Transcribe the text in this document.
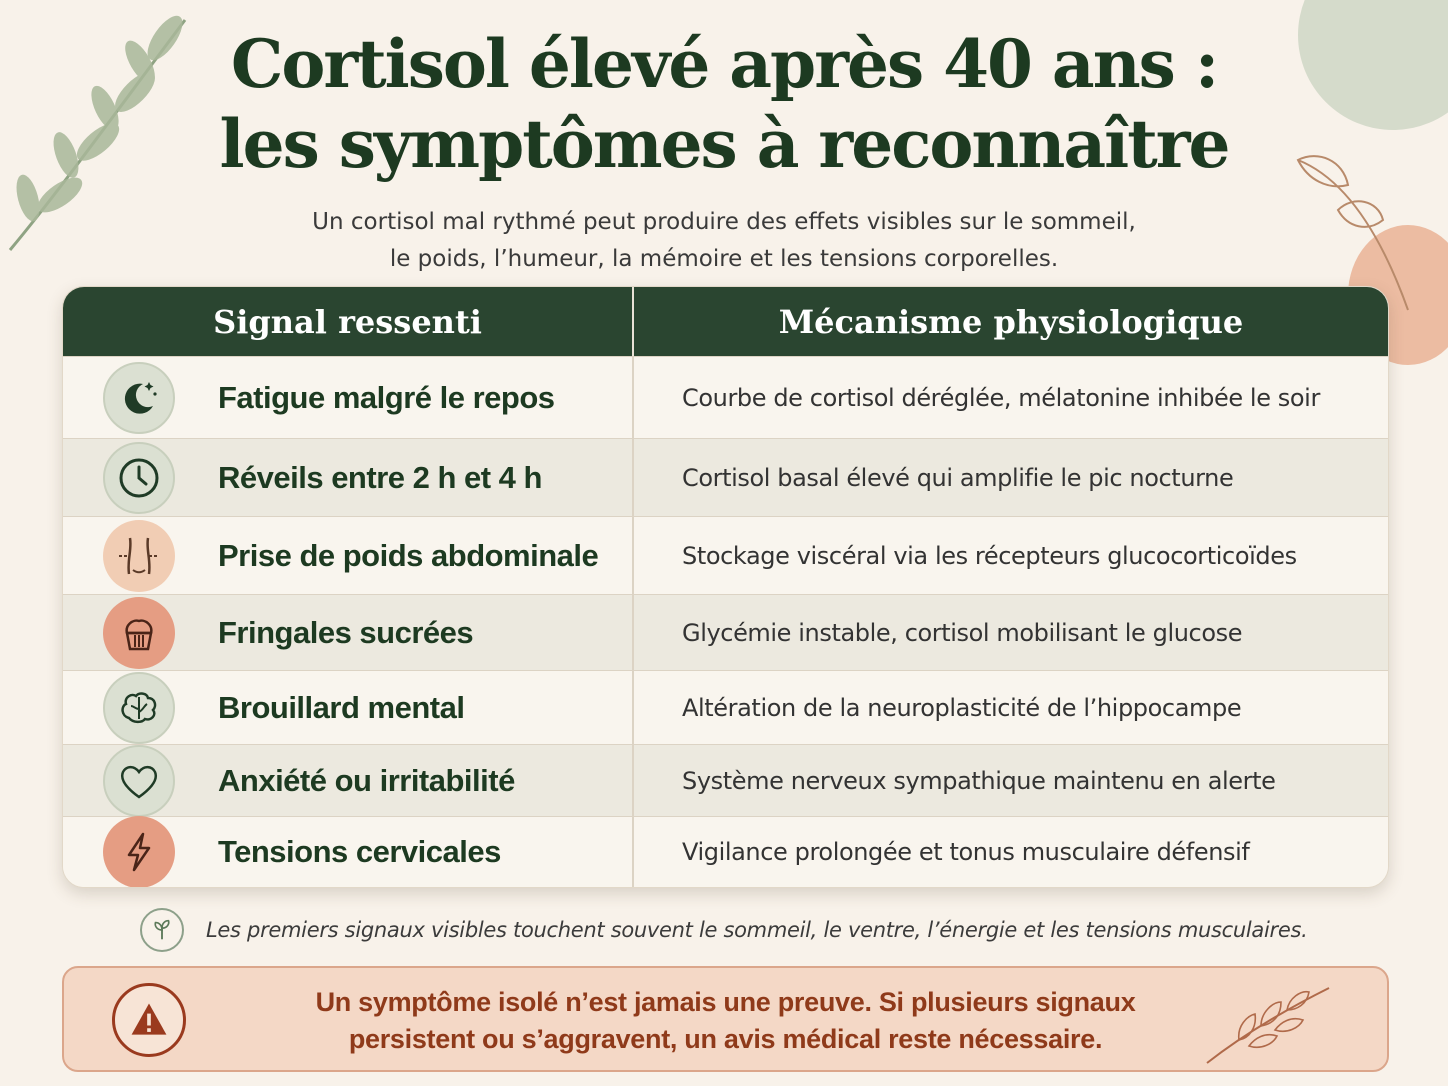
Cortisol élevé après 40 ans :
les symptômes à reconnaître
Un cortisol mal rythmé peut produire des effets visibles sur le sommeil,
le poids, l’humeur, la mémoire et les tensions corporelles.
Signal ressenti	Mécanisme physiologique
Fatigue malgré le repos	Courbe de cortisol déréglée, mélatonine inhibée le soir
Réveils entre 2 h et 4 h	Cortisol basal élevé qui amplifie le pic nocturne
Prise de poids abdominale	Stockage viscéral via les récepteurs glucocorticoïdes
Fringales sucrées	Glycémie instable, cortisol mobilisant le glucose
Brouillard mental	Altération de la neuroplasticité de l’hippocampe
Anxiété ou irritabilité	Système nerveux sympathique maintenu en alerte
Tensions cervicales	Vigilance prolongée et tonus musculaire défensif
Les premiers signaux visibles touchent souvent le sommeil, le ventre, l’énergie et les tensions musculaires.
Un symptôme isolé n’est jamais une preuve. Si plusieurs signaux
persistent ou s’aggravent, un avis médical reste nécessaire.
